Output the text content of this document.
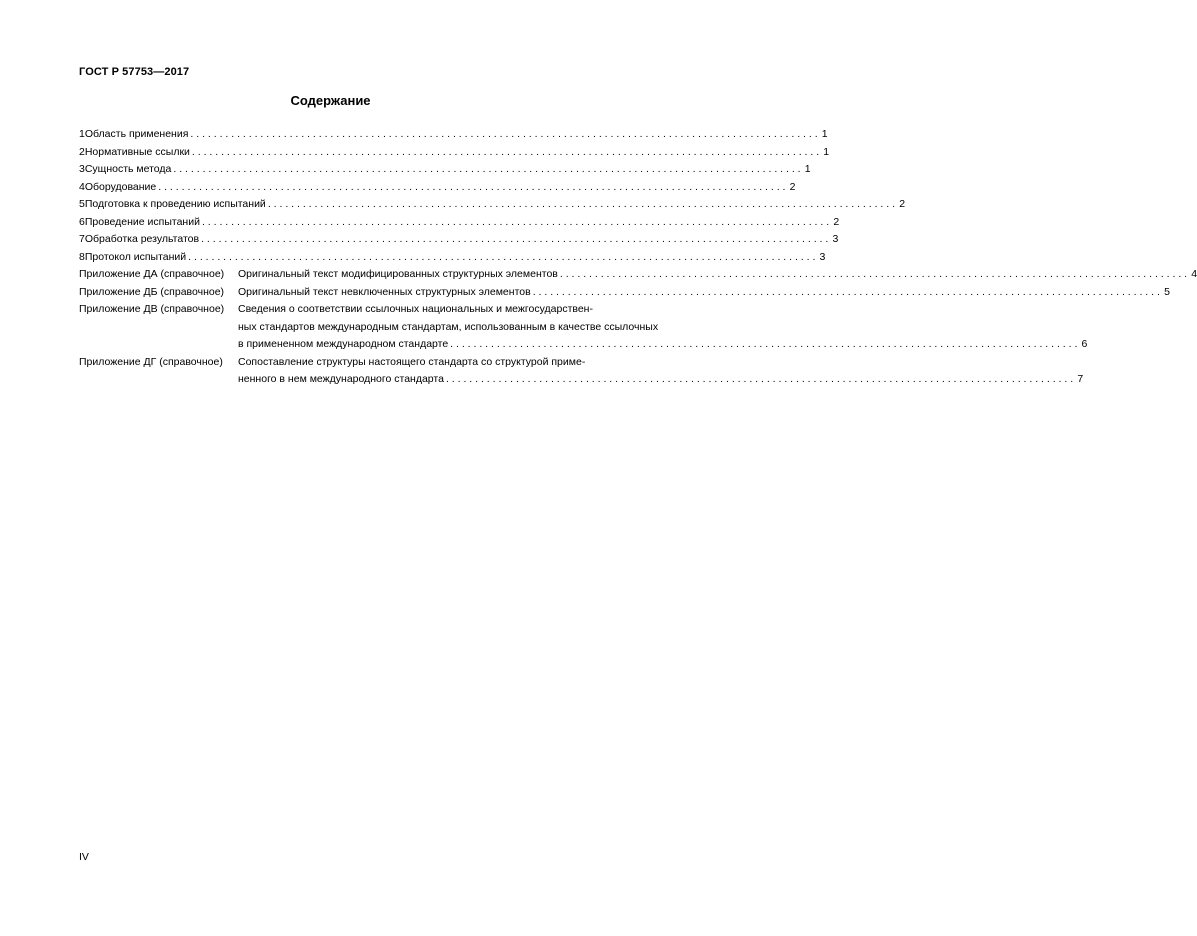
ГОСТ Р 57753—2017
Содержание
1 Область применения . . .	1
2 Нормативные ссылки . . .	1
3 Сущность метода . . .	1
4 Оборудование . . .	2
5 Подготовка к проведению испытаний . . .	2
6 Проведение испытаний . . .	2
7 Обработка результатов . . .	3
8 Протокол испытаний . . .	3
Приложение ДА (справочное)	Оригинальный текст модифицированных структурных элементов . . .	4
Приложение ДБ (справочное)	Оригинальный текст невключенных структурных элементов . . .	5
Приложение ДВ (справочное)	Сведения о соответствии ссылочных национальных и межгосударствен-
ных стандартов международным стандартам, использованным в качестве ссылочных
в примененном международном стандарте . . .	6
Приложение ДГ (справочное)	Сопоставление структуры настоящего стандарта со структурой приме-
ненного в нем международного стандарта . . .	7
IV
